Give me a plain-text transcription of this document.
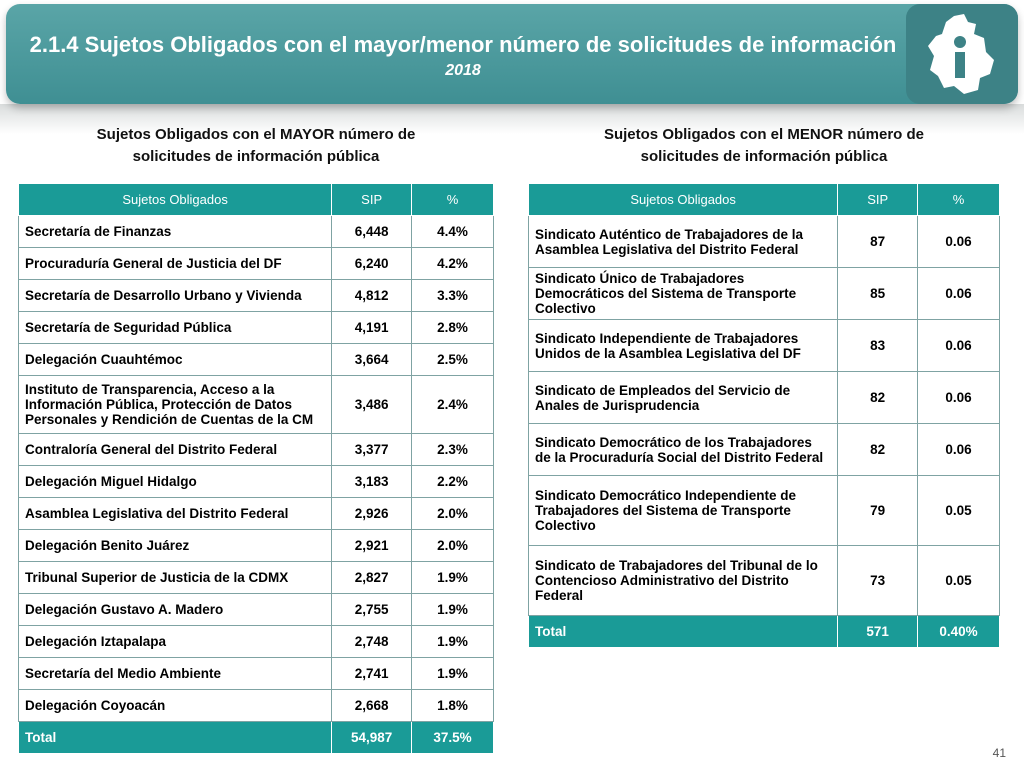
2.1.4 Sujetos Obligados con el mayor/menor número de solicitudes de información
2018
Sujetos Obligados con el MAYOR número de
solicitudes de información pública
Sujetos Obligados con el MENOR número de
solicitudes de información pública
Sujetos Obligados	SIP	%
Secretaría de Finanzas	6,448	4.4%
Procuraduría General de Justicia del DF	6,240	4.2%
Secretaría de Desarrollo Urbano y Vivienda	4,812	3.3%
Secretaría de Seguridad Pública	4,191	2.8%
Delegación Cuauhtémoc	3,664	2.5%
Instituto de Transparencia, Acceso a la Información Pública, Protección de Datos Personales y Rendición de Cuentas de la CM	3,486	2.4%
Contraloría General del Distrito Federal	3,377	2.3%
Delegación Miguel Hidalgo	3,183	2.2%
Asamblea Legislativa del Distrito Federal	2,926	2.0%
Delegación Benito Juárez	2,921	2.0%
Tribunal Superior de Justicia de la CDMX	2,827	1.9%
Delegación Gustavo A. Madero	2,755	1.9%
Delegación Iztapalapa	2,748	1.9%
Secretaría del Medio Ambiente	2,741	1.9%
Delegación Coyoacán	2,668	1.8%
Total	54,987	37.5%
Sujetos Obligados	SIP	%
Sindicato Auténtico de Trabajadores de la Asamblea Legislativa del Distrito Federal	87	0.06
Sindicato Único de Trabajadores Democráticos del Sistema de Transporte Colectivo	85	0.06
Sindicato Independiente de Trabajadores Unidos de la Asamblea Legislativa del DF	83	0.06
Sindicato de Empleados del Servicio de Anales de Jurisprudencia	82	0.06
Sindicato Democrático de los Trabajadores de la Procuraduría Social del Distrito Federal	82	0.06
Sindicato Democrático Independiente de Trabajadores del Sistema de Transporte Colectivo	79	0.05
Sindicato de Trabajadores del Tribunal de lo Contencioso Administrativo del Distrito Federal	73	0.05
Total	571	0.40%
41
